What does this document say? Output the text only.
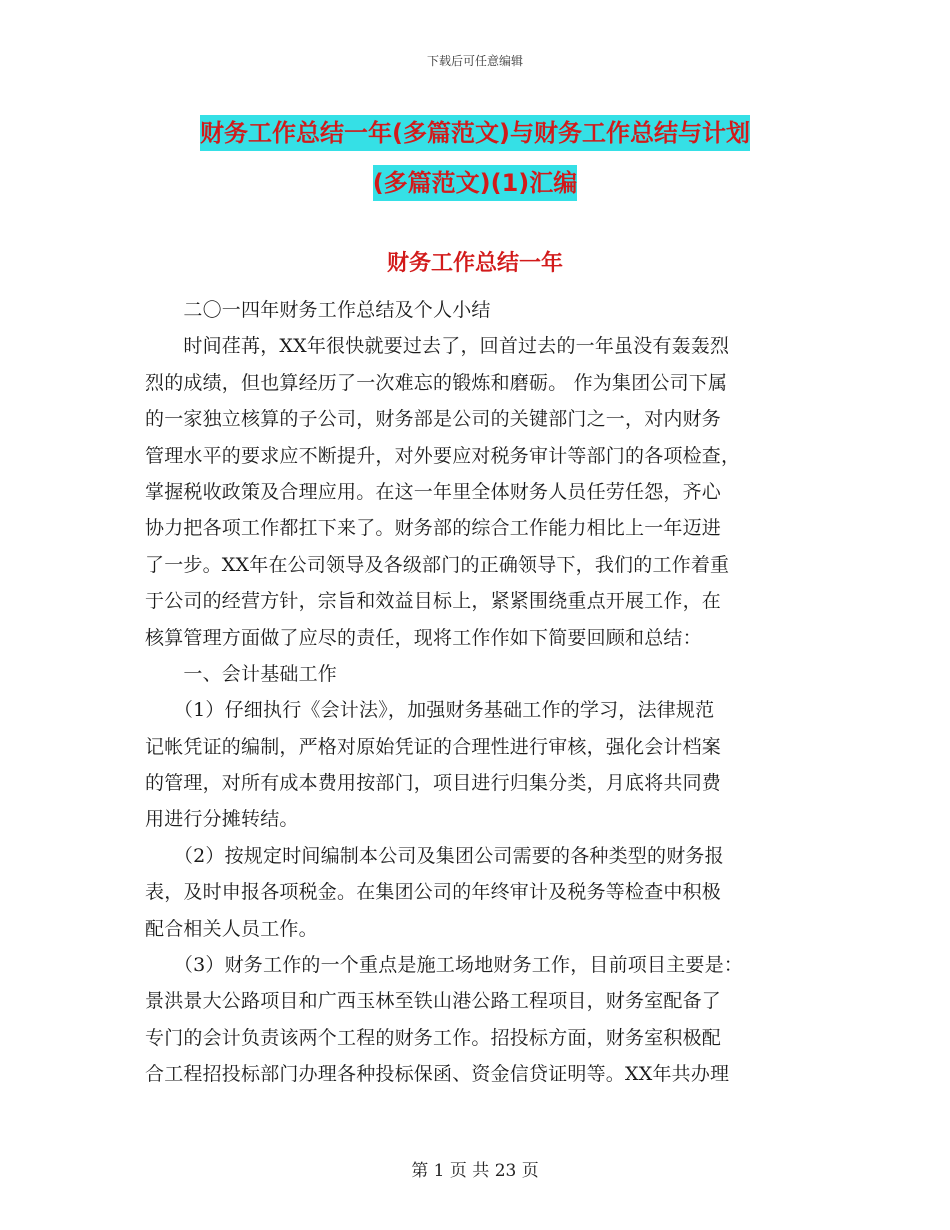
下载后可任意编辑
财务工作总结一年(多篇范文)与财务工作总结与计划
(多篇范文)(1)汇编
财务工作总结一年
　　二〇一四年财务工作总结及个人小结
　　时间荏苒，XX年很快就要过去了，回首过去的一年虽没有轰轰烈
烈的成绩，但也算经历了一次难忘的锻炼和磨砺。 作为集团公司下属
的一家独立核算的子公司，财务部是公司的关键部门之一，对内财务
管理水平的要求应不断提升，对外要应对税务审计等部门的各项检查，
掌握税收政策及合理应用。在这一年里全体财务人员任劳任怨，齐心
协力把各项工作都扛下来了。财务部的综合工作能力相比上一年迈进
了一步。XX年在公司领导及各级部门的正确领导下，我们的工作着重
于公司的经营方针，宗旨和效益目标上，紧紧围绕重点开展工作，在
核算管理方面做了应尽的责任，现将工作作如下简要回顾和总结：
　　一、会计基础工作
　　（1）仔细执行《会计法》，加强财务基础工作的学习，法律规范
记帐凭证的编制，严格对原始凭证的合理性进行审核，强化会计档案
的管理，对所有成本费用按部门，项目进行归集分类，月底将共同费
用进行分摊转结。
　　（2）按规定时间编制本公司及集团公司需要的各种类型的财务报
表，及时申报各项税金。在集团公司的年终审计及税务等检查中积极
配合相关人员工作。
　　（3）财务工作的一个重点是施工场地财务工作，目前项目主要是：
景洪景大公路项目和广西玉林至铁山港公路工程项目，财务室配备了
专门的会计负责该两个工程的财务工作。招投标方面，财务室积极配
合工程招投标部门办理各种投标保函、资金信贷证明等。XX年共办理
第 1 页 共 23 页
